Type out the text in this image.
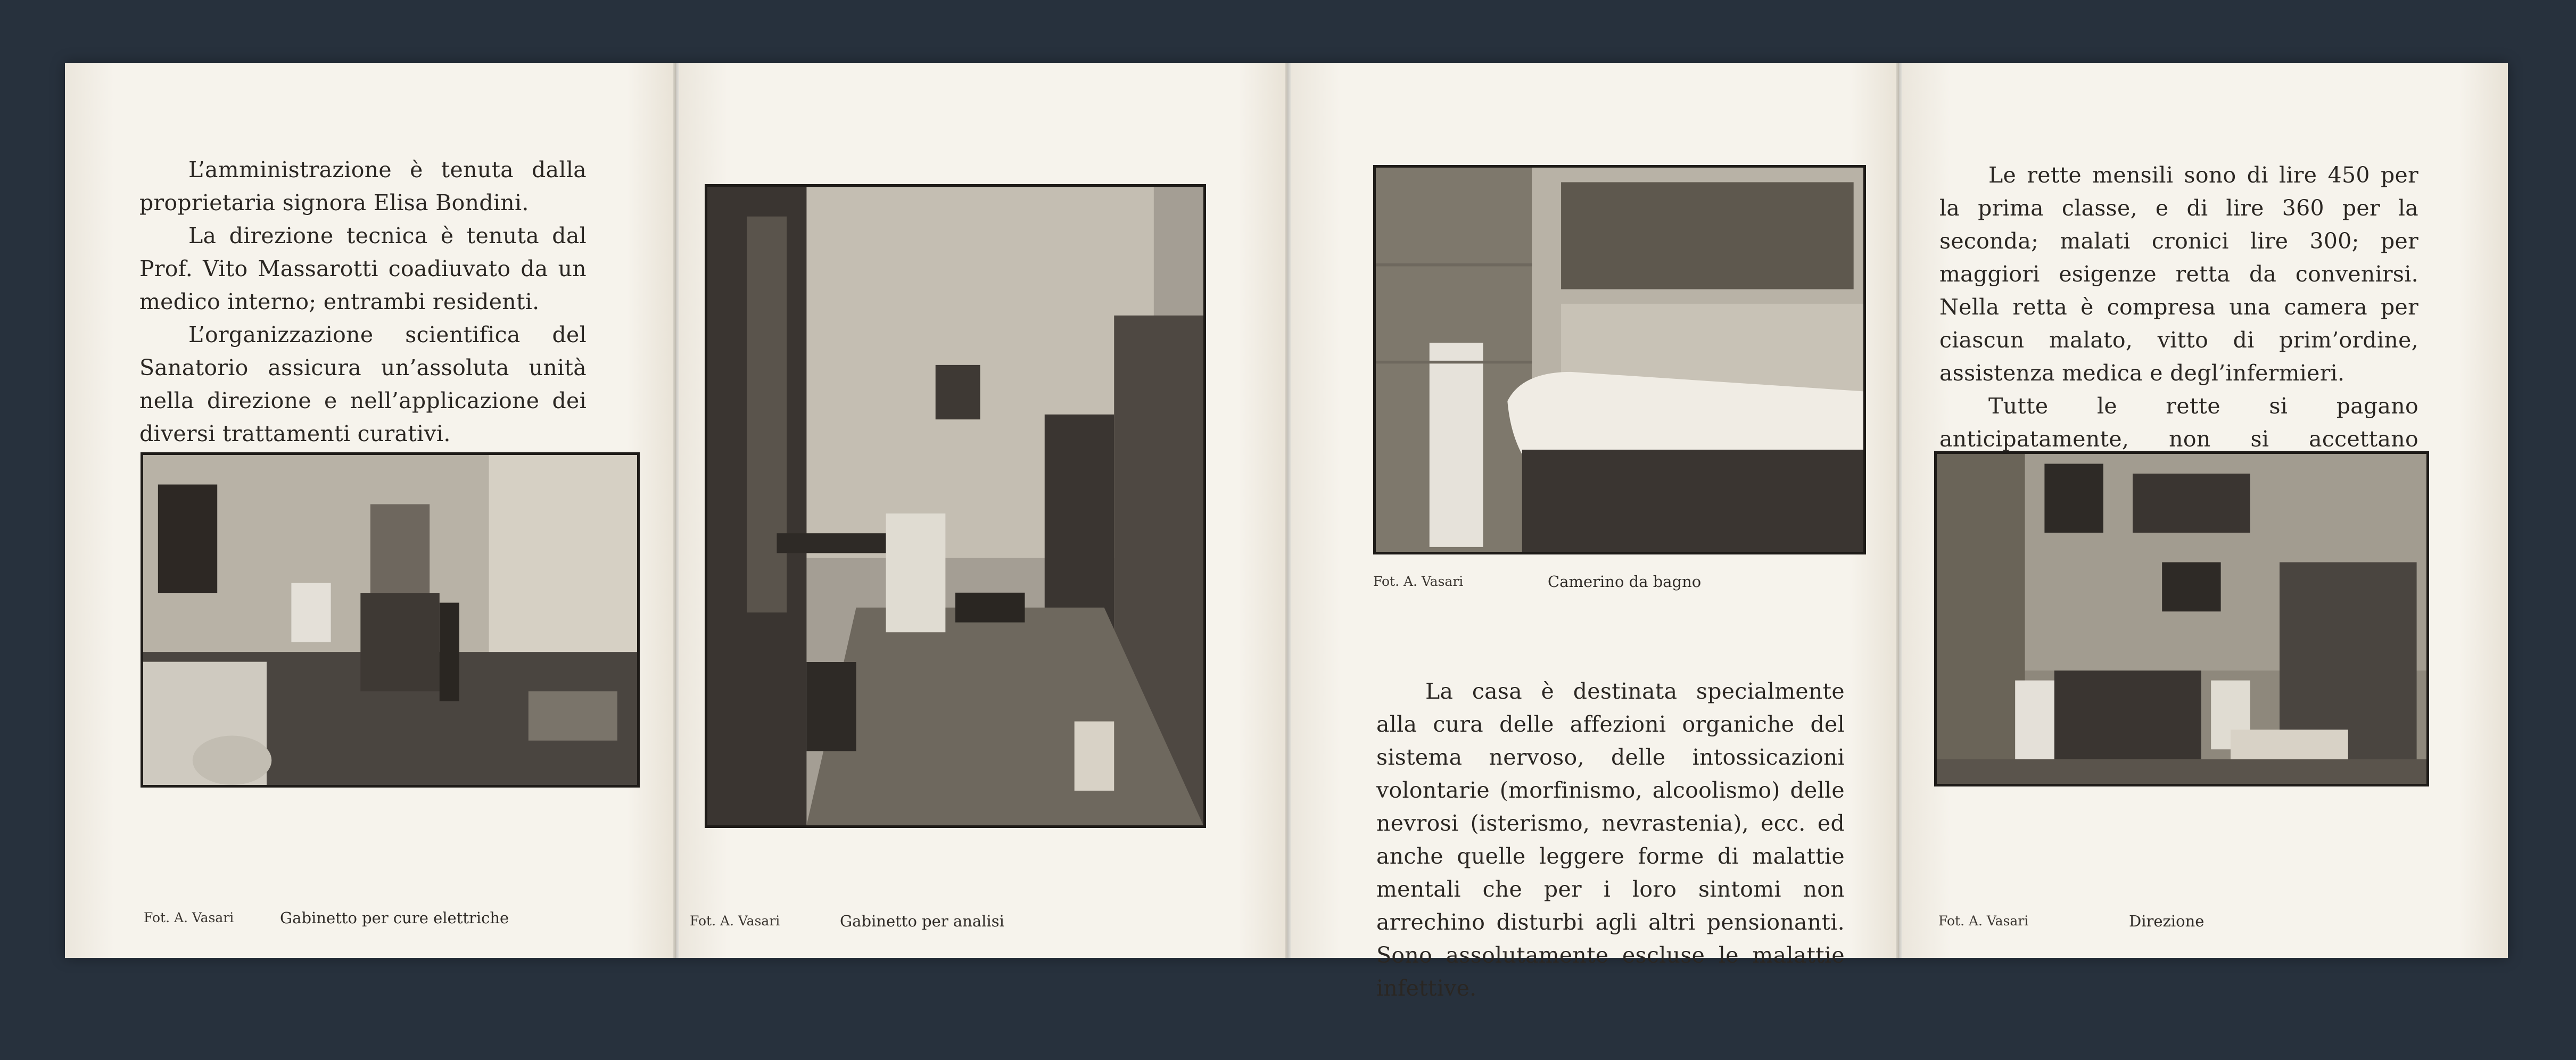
L’amministrazione è tenuta dalla proprietaria signora Elisa Bondini.

La direzione tecnica è tenuta dal Prof. Vito Massarotti coadiuvato da un medico interno; entrambi residenti.

L’organizzazione scientifica del Sanatorio assicura un’assoluta unità nella direzione e nell’applicazione dei diversi trattamenti curativi.

Fot. A. Vasari	Gabinetto per cure elettriche	Fot. A. Vasari	Gabinetto per analisi
Fot. A. Vasari	Camerino da bagno

La casa è destinata specialmente alla cura delle affezioni organiche del sistema nervoso, delle intossicazioni volontarie (morfinismo, alcoolismo) delle nevrosi (isterismo, nevrastenia), ecc. ed anche quelle leggere forme di malattie mentali che per i loro sintomi non arrechino disturbi agli altri pensionanti. Sono assolutamente escluse le malattie infettive.

Le rette mensili sono di lire 450 per la prima classe, e di lire 360 per la seconda; malati cronici lire 300; per maggiori esigenze retta da convenirsi. Nella retta è compresa una camera per ciascun malato, vitto di prim’ordine, assistenza medica e degl’infermieri.

Tutte le rette si pagano anticipatamente, non si accettano

Fot. A. Vasari	Direzione
